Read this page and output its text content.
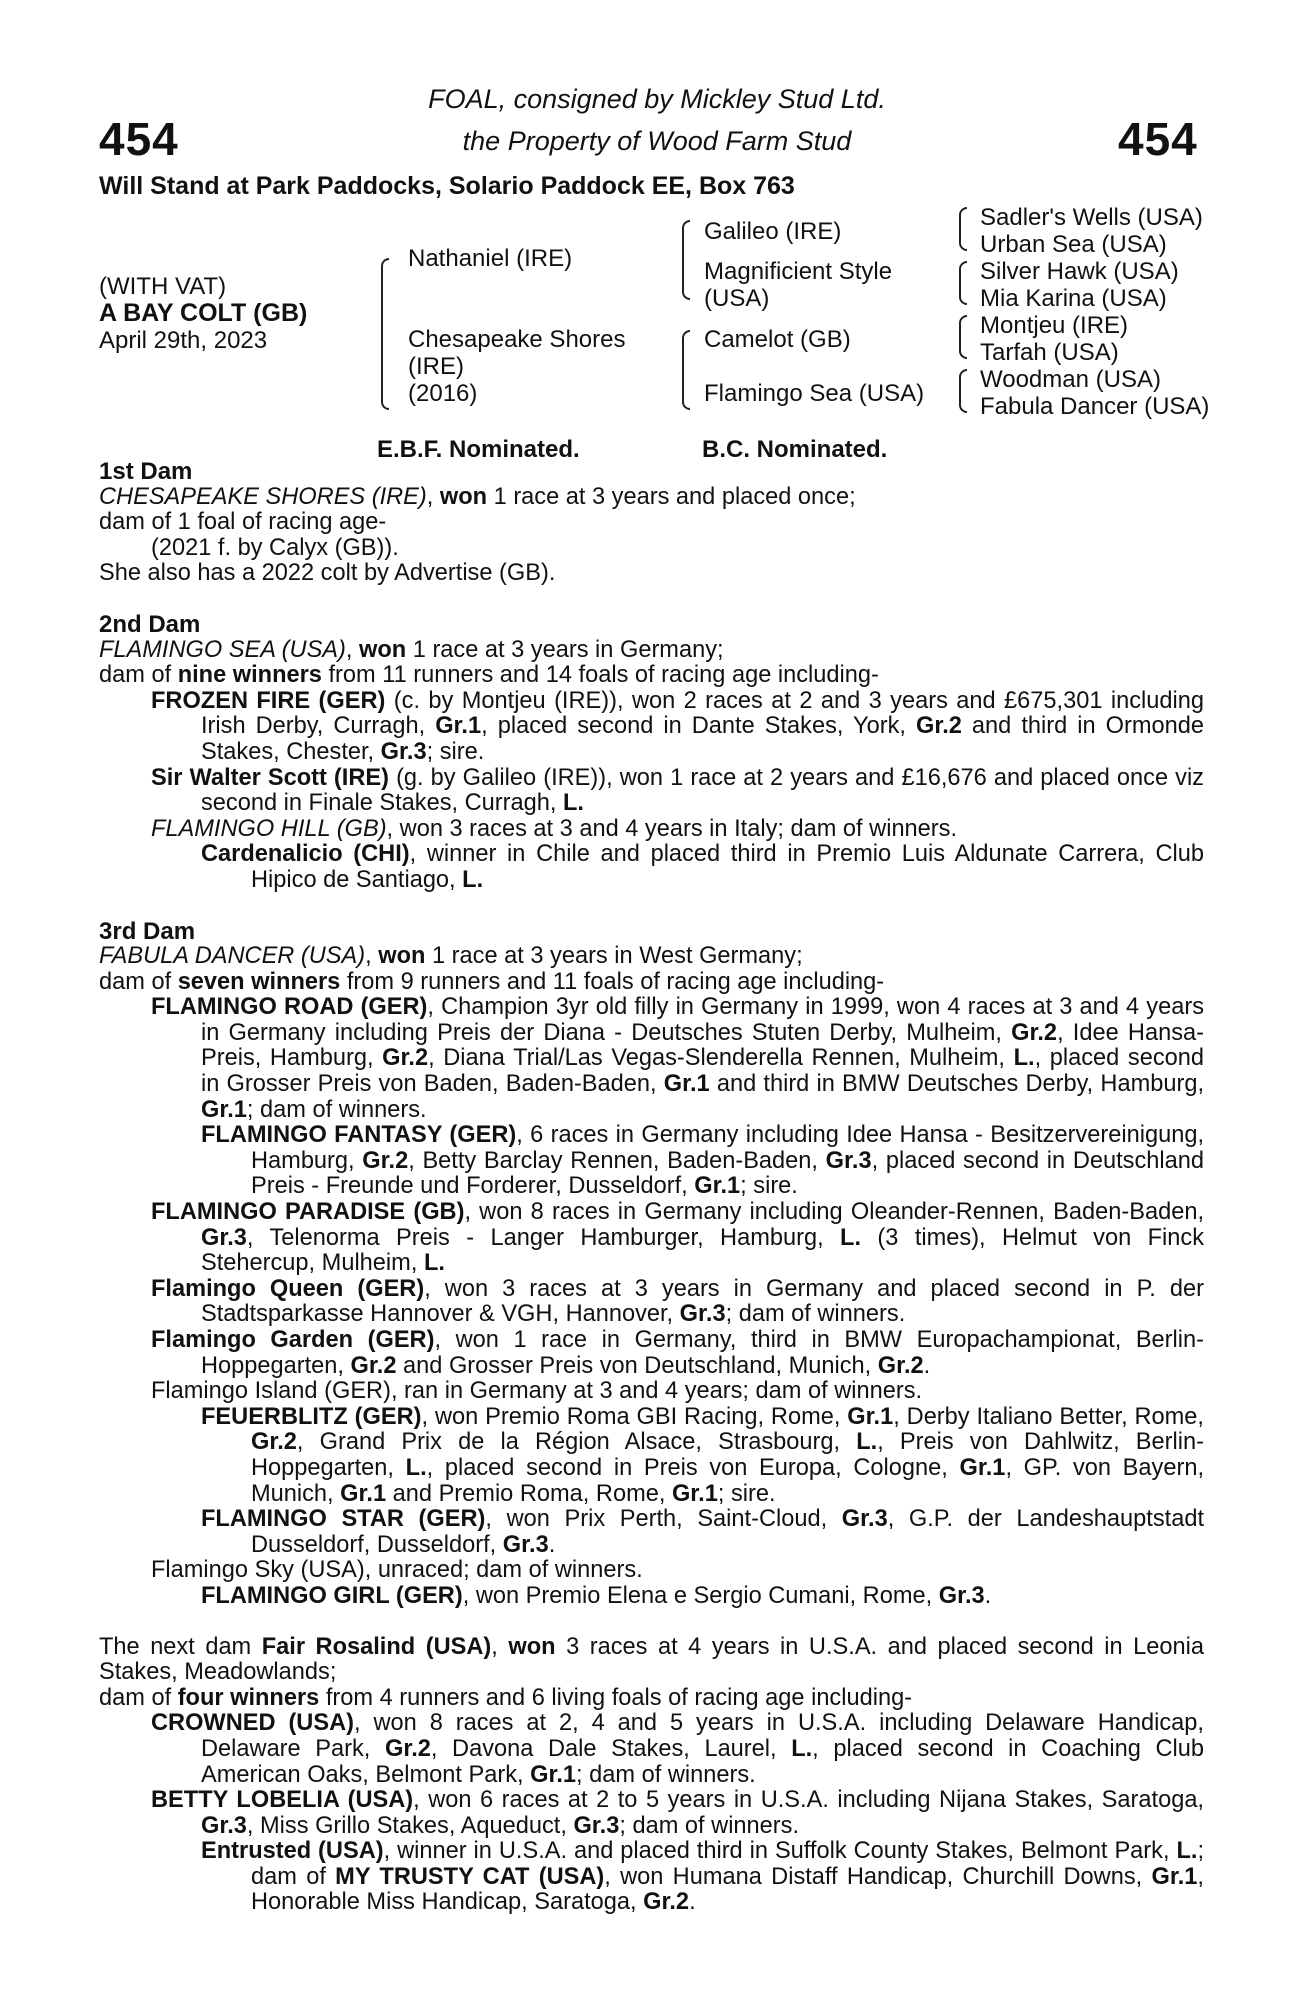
454	454
FOAL, consigned by Mickley Stud Ltd.
the Property of Wood Farm Stud
Will Stand at Park Paddocks, Solario Paddock EE, Box 763
(WITH VAT)
A BAY COLT (GB)
April 29th, 2023
Nathaniel (IRE)
Chesapeake Shores
(IRE)
(2016)
Galileo (IRE)
Magnificient Style
(USA)
Camelot (GB)
Flamingo Sea (USA)
Sadler's Wells (USA)
Urban Sea (USA)
Silver Hawk (USA)
Mia Karina (USA)
Montjeu (IRE)
Tarfah (USA)
Woodman (USA)
Fabula Dancer (USA)
E.B.F. Nominated.	B.C. Nominated.
1st Dam

CHESAPEAKE SHORES (IRE), won 1 race at 3 years and placed once;

dam of 1 foal of racing age-

(2021 f. by Calyx (GB)).

She also has a 2022 colt by Advertise (GB).

2nd Dam

FLAMINGO SEA (USA), won 1 race at 3 years in Germany;

dam of nine winners from 11 runners and 14 foals of racing age including-

FROZEN FIRE (GER) (c. by Montjeu (IRE)), won 2 races at 2 and 3 years and £675,301 including Irish Derby, Curragh, Gr.1, placed second in Dante Stakes, York, Gr.2 and third in Ormonde Stakes, Chester, Gr.3; sire.

Sir Walter Scott (IRE) (g. by Galileo (IRE)), won 1 race at 2 years and £16,676 and placed once viz second in Finale Stakes, Curragh, L.

FLAMINGO HILL (GB), won 3 races at 3 and 4 years in Italy; dam of winners.

Cardenalicio (CHI), winner in Chile and placed third in Premio Luis Aldunate Carrera, Club Hipico de Santiago, L.

3rd Dam

FABULA DANCER (USA), won 1 race at 3 years in West Germany;

dam of seven winners from 9 runners and 11 foals of racing age including-

FLAMINGO ROAD (GER), Champion 3yr old filly in Germany in 1999, won 4 races at 3 and 4 years in Germany including Preis der Diana - Deutsches Stuten Derby, Mulheim, Gr.2, Idee Hansa-Preis, Hamburg, Gr.2, Diana Trial/Las Vegas-Slenderella Rennen, Mulheim, L., placed second in Grosser Preis von Baden, Baden-Baden, Gr.1 and third in BMW Deutsches Derby, Hamburg, Gr.1; dam of winners.

FLAMINGO FANTASY (GER), 6 races in Germany including Idee Hansa - Besitzervereinigung, Hamburg, Gr.2, Betty Barclay Rennen, Baden-Baden, Gr.3, placed second in Deutschland Preis - Freunde und Forderer, Dusseldorf, Gr.1; sire.

FLAMINGO PARADISE (GB), won 8 races in Germany including Oleander-Rennen, Baden-Baden, Gr.3, Telenorma Preis - Langer Hamburger, Hamburg, L. (3 times), Helmut von Finck Stehercup, Mulheim, L.

Flamingo Queen (GER), won 3 races at 3 years in Germany and placed second in P. der Stadtsparkasse Hannover & VGH, Hannover, Gr.3; dam of winners.

Flamingo Garden (GER), won 1 race in Germany, third in BMW Europachampionat, Berlin-Hoppegarten, Gr.2 and Grosser Preis von Deutschland, Munich, Gr.2.

Flamingo Island (GER), ran in Germany at 3 and 4 years; dam of winners.

FEUERBLITZ (GER), won Premio Roma GBI Racing, Rome, Gr.1, Derby Italiano Better, Rome, Gr.2, Grand Prix de la Région Alsace, Strasbourg, L., Preis von Dahlwitz, Berlin-Hoppegarten, L., placed second in Preis von Europa, Cologne, Gr.1, GP. von Bayern, Munich, Gr.1 and Premio Roma, Rome, Gr.1; sire.

FLAMINGO STAR (GER), won Prix Perth, Saint-Cloud, Gr.3, G.P. der Landeshauptstadt Dusseldorf, Dusseldorf, Gr.3.

Flamingo Sky (USA), unraced; dam of winners.

FLAMINGO GIRL (GER), won Premio Elena e Sergio Cumani, Rome, Gr.3.

The next dam Fair Rosalind (USA), won 3 races at 4 years in U.S.A. and placed second in Leonia Stakes, Meadowlands;

dam of four winners from 4 runners and 6 living foals of racing age including-

CROWNED (USA), won 8 races at 2, 4 and 5 years in U.S.A. including Delaware Handicap, Delaware Park, Gr.2, Davona Dale Stakes, Laurel, L., placed second in Coaching Club American Oaks, Belmont Park, Gr.1; dam of winners.

BETTY LOBELIA (USA), won 6 races at 2 to 5 years in U.S.A. including Nijana Stakes, Saratoga, Gr.3, Miss Grillo Stakes, Aqueduct, Gr.3; dam of winners.

Entrusted (USA), winner in U.S.A. and placed third in Suffolk County Stakes, Belmont Park, L.; dam of MY TRUSTY CAT (USA), won Humana Distaff Handicap, Churchill Downs, Gr.1, Honorable Miss Handicap, Saratoga, Gr.2.
